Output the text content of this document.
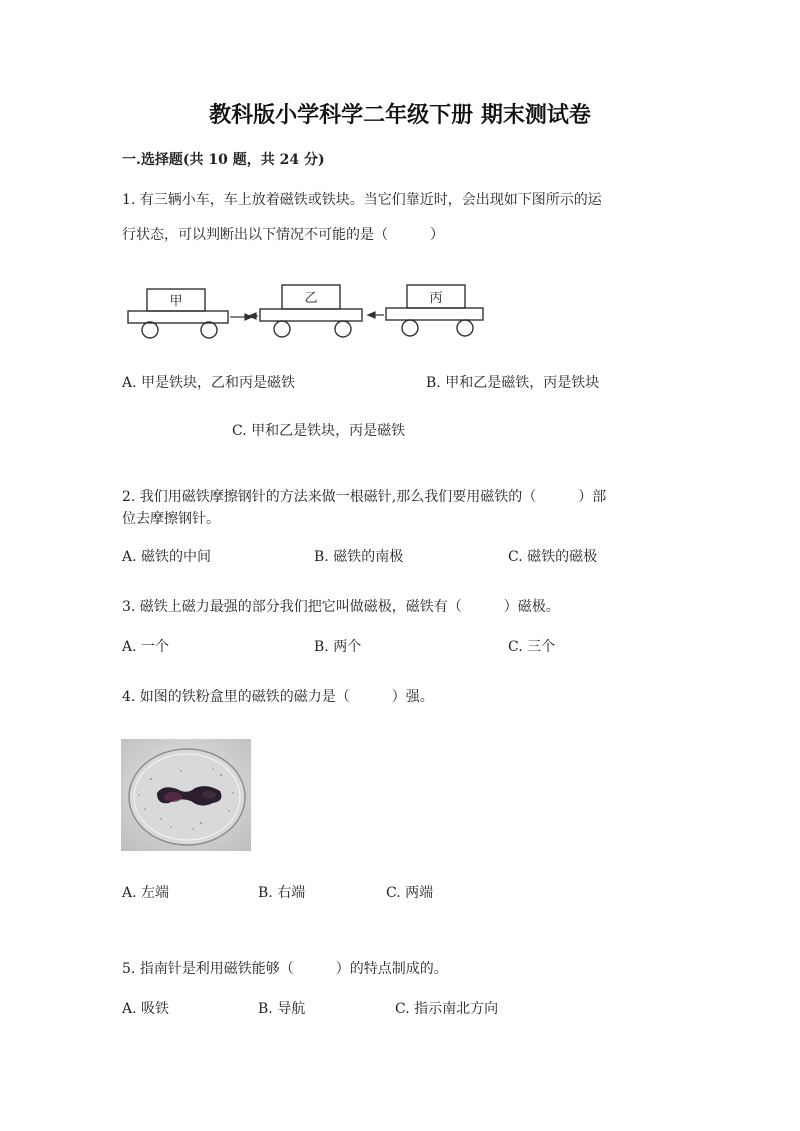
教科版小学科学二年级下册 期末测试卷
一.选择题(共 10 题，共 24 分)
1. 有三辆小车，车上放着磁铁或铁块。当它们靠近时，会出现如下图所示的运
行状态，可以判断出以下情况不可能的是（　　　）
甲	乙	丙
A. 甲是铁块，乙和丙是磁铁	B. 甲和乙是磁铁，丙是铁块
C. 甲和乙是铁块，丙是磁铁
2. 我们用磁铁摩擦钢针的方法来做一根磁针,那么我们要用磁铁的（　　　）部
位去摩擦钢针。
A. 磁铁的中间	B. 磁铁的南极	C. 磁铁的磁极
3. 磁铁上磁力最强的部分我们把它叫做磁极，磁铁有（　　　）磁极。
A. 一个	B. 两个	C. 三个
4. 如图的铁粉盒里的磁铁的磁力是（　　　）强。
A. 左端	B. 右端	C. 两端
5. 指南针是利用磁铁能够（　　　）的特点制成的。
A. 吸铁	B. 导航	C. 指示南北方向
